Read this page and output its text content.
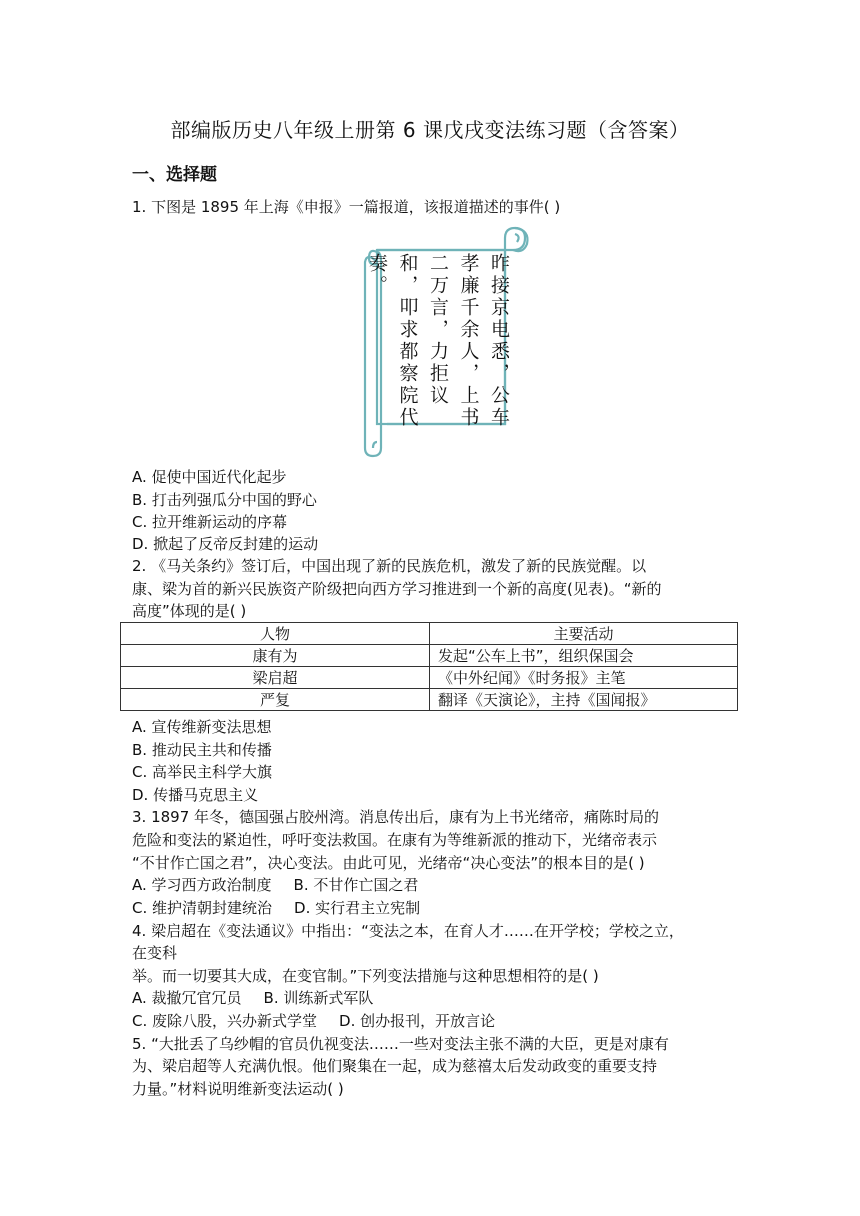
部编版历史八年级上册第 6 课戊戌变法练习题（含答案）
一、选择题
1. 下图是 1895 年上海《申报》一篇报道，该报道描述的事件( )
昨接京电悉，公车孝廉千余人，上书二万言，力拒议和，叩求都察院代奏。
A. 促使中国近代化起步
B. 打击列强瓜分中国的野心
C. 拉开维新运动的序幕
D. 掀起了反帝反封建的运动
2. 《马关条约》签订后，中国出现了新的民族危机，激发了新的民族觉醒。以
康、梁为首的新兴民族资产阶级把向西方学习推进到一个新的高度(见表)。“新的
高度”体现的是( )
人物	主要活动
康有为	发起“公车上书”，组织保国会
梁启超	《中外纪闻》《时务报》主笔
严复	翻译《天演论》，主持《国闻报》
A. 宣传维新变法思想
B. 推动民主共和传播
C. 高举民主科学大旗
D. 传播马克思主义
3. 1897 年冬，德国强占胶州湾。消息传出后，康有为上书光绪帝，痛陈时局的
危险和变法的紧迫性，呼吁变法救国。在康有为等维新派的推动下，光绪帝表示
“不甘作亡国之君”，决心变法。由此可见，光绪帝“决心变法”的根本目的是( )
A. 学习西方政治制度 B. 不甘作亡国之君
C. 维护清朝封建统治 D. 实行君主立宪制
4. 梁启超在《变法通议》中指出：“变法之本，在育人才……在开学校；学校之立，
在变科
举。而一切要其大成，在变官制。”下列变法措施与这种思想相符的是( )
A. 裁撤冗官冗员 B. 训练新式军队
C. 废除八股，兴办新式学堂 D. 创办报刊，开放言论
5. “大批丢了乌纱帽的官员仇视变法……一些对变法主张不满的大臣，更是对康有
为、梁启超等人充满仇恨。他们聚集在一起，成为慈禧太后发动政变的重要支持
力量。”材料说明维新变法运动( )
